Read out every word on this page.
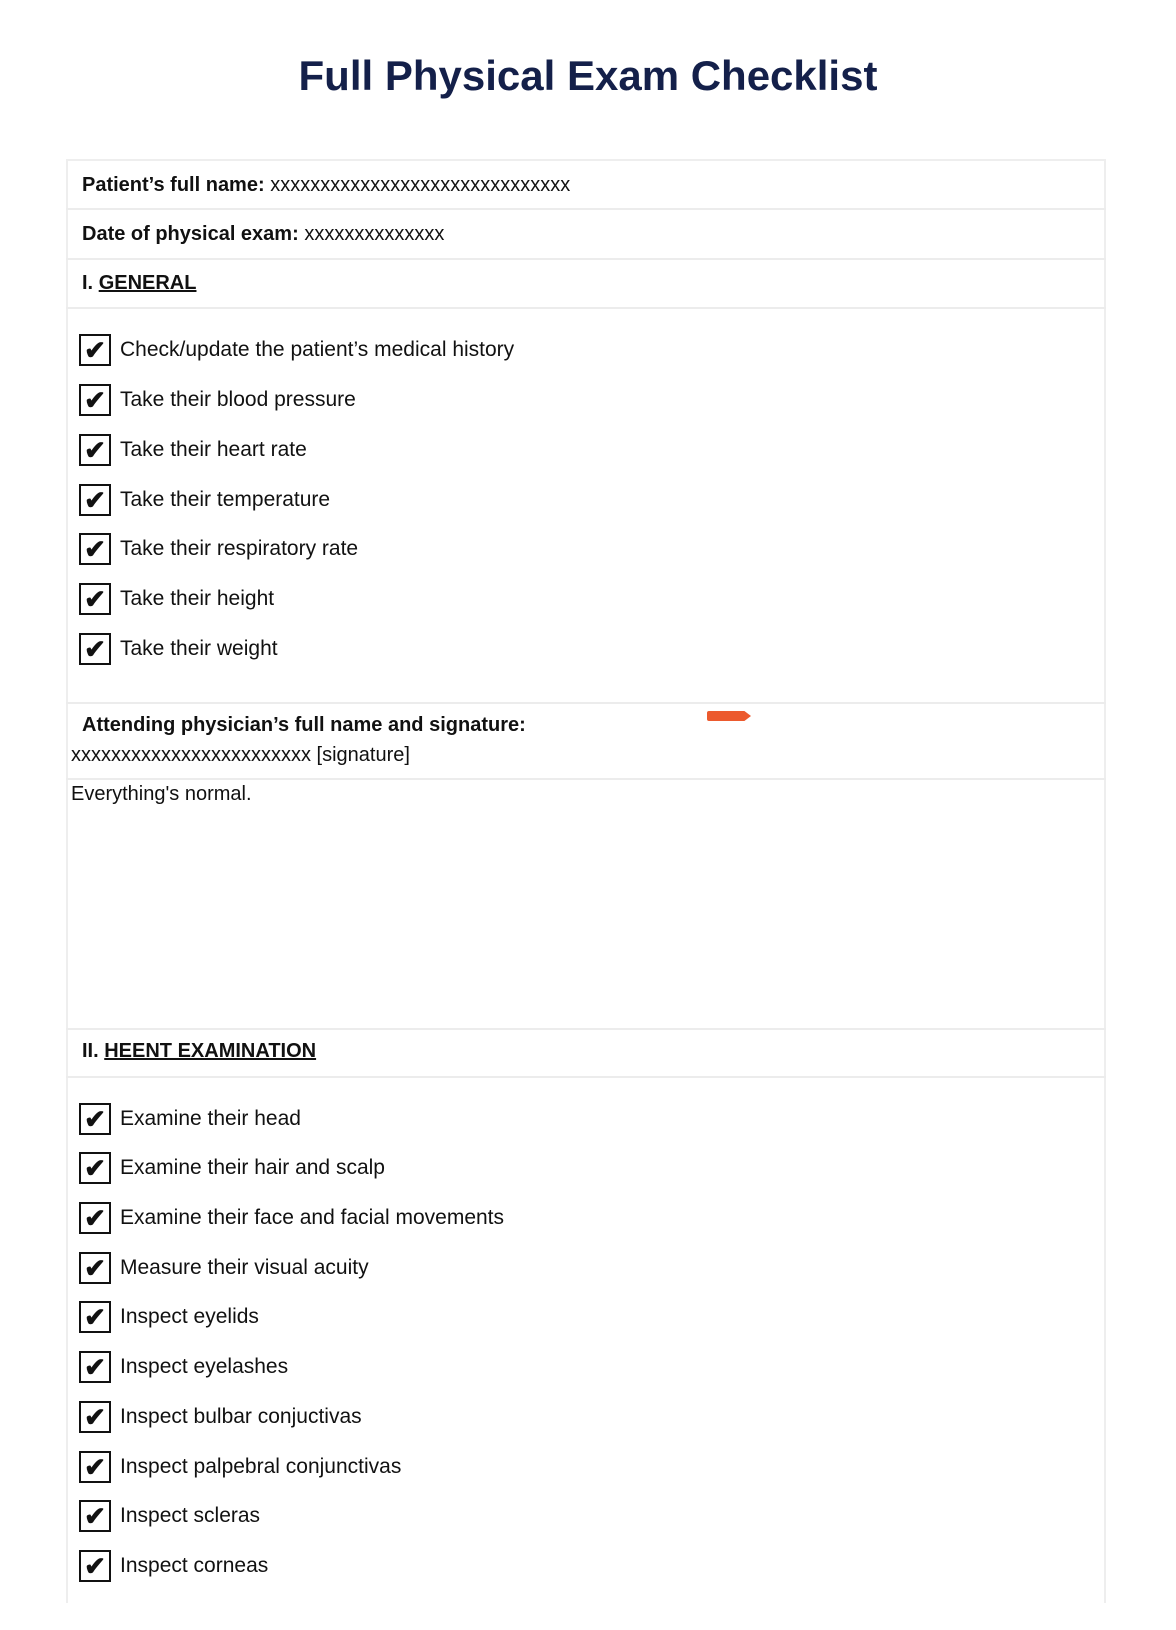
Full Physical Exam Checklist
Patient’s full name: xxxxxxxxxxxxxxxxxxxxxxxxxxxxxx
Date of physical exam: xxxxxxxxxxxxxx
I. GENERAL
✔ Check/update the patient’s medical history
✔ Take their blood pressure
✔ Take their heart rate
✔ Take their temperature
✔ Take their respiratory rate
✔ Take their height
✔ Take their weight
Attending physician’s full name and signature:
xxxxxxxxxxxxxxxxxxxxxxxx [signature]
Everything's normal.
II. HEENT EXAMINATION
✔ Examine their head
✔ Examine their hair and scalp
✔ Examine their face and facial movements
✔ Measure their visual acuity
✔ Inspect eyelids
✔ Inspect eyelashes
✔ Inspect bulbar conjuctivas
✔ Inspect palpebral conjunctivas
✔ Inspect scleras
✔ Inspect corneas
